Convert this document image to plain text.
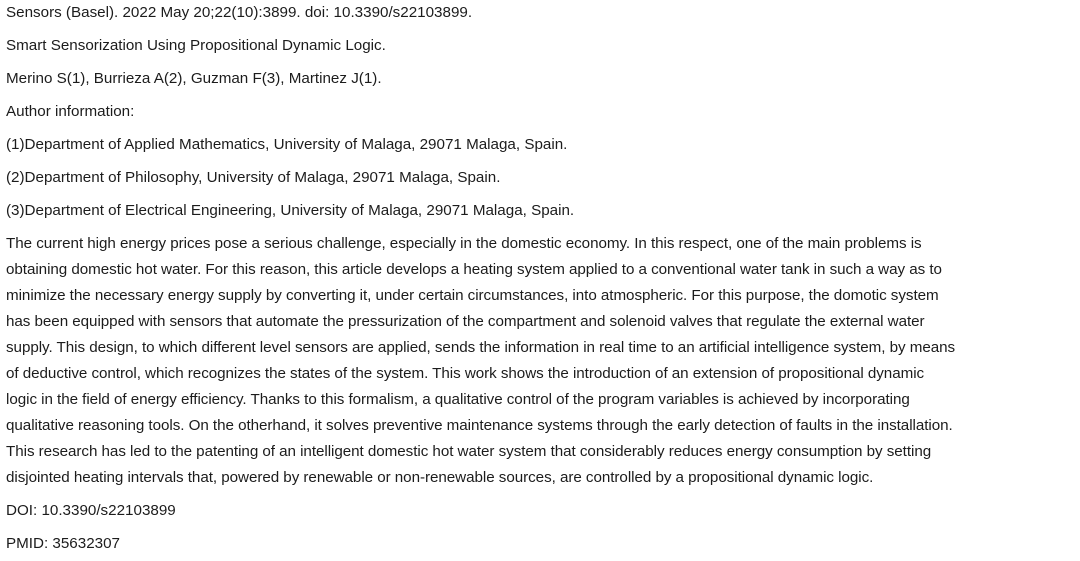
Sensors (Basel). 2022 May 20;22(10):3899. doi: 10.3390/s22103899.

Smart Sensorization Using Propositional Dynamic Logic.

Merino S(1), Burrieza A(2), Guzman F(3), Martinez J(1).

Author information:

(1)Department of Applied Mathematics, University of Malaga, 29071 Malaga, Spain.

(2)Department of Philosophy, University of Malaga, 29071 Malaga, Spain.

(3)Department of Electrical Engineering, University of Malaga, 29071 Malaga, Spain.

The current high energy prices pose a serious challenge, especially in the domestic economy. In this respect, one of the main problems is
obtaining domestic hot water. For this reason, this article develops a heating system applied to a conventional water tank in such a way as to
minimize the necessary energy supply by converting it, under certain circumstances, into atmospheric. For this purpose, the domotic system
has been equipped with sensors that automate the pressurization of the compartment and solenoid valves that regulate the external water
supply. This design, to which different level sensors are applied, sends the information in real time to an artificial intelligence system, by means
of deductive control, which recognizes the states of the system. This work shows the introduction of an extension of propositional dynamic
logic in the field of energy efficiency. Thanks to this formalism, a qualitative control of the program variables is achieved by incorporating
qualitative reasoning tools. On the otherhand, it solves preventive maintenance systems through the early detection of faults in the installation.
This research has led to the patenting of an intelligent domestic hot water system that considerably reduces energy consumption by setting
disjointed heating intervals that, powered by renewable or non-renewable sources, are controlled by a propositional dynamic logic.

DOI: 10.3390/s22103899

PMID: 35632307
